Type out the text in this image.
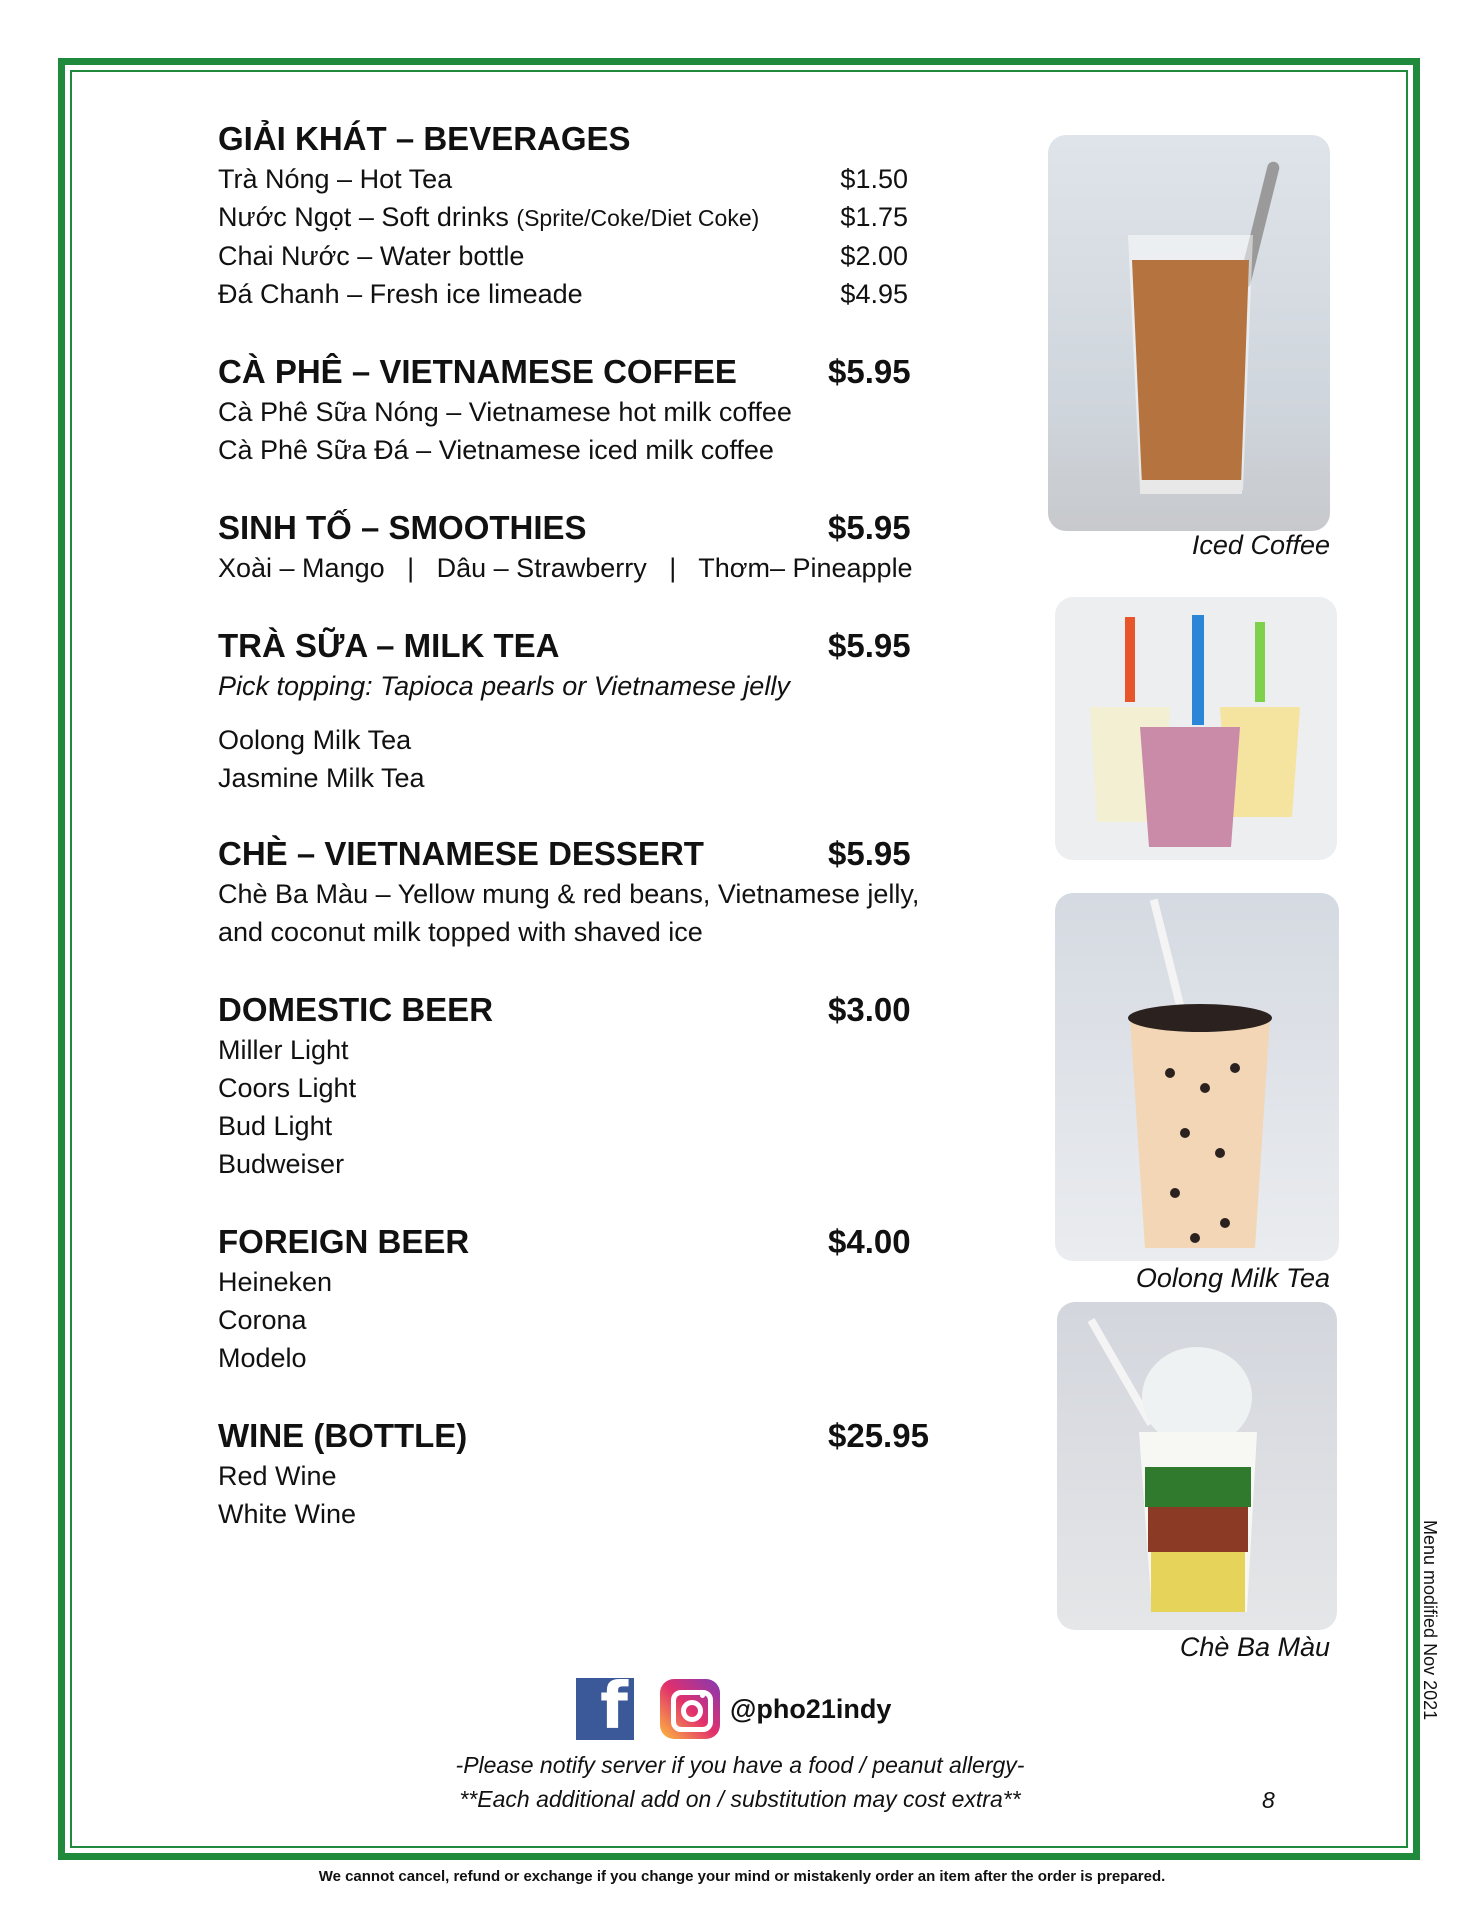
GIẢI KHÁT – BEVERAGES
Trà Nóng – Hot Tea	$1.50
Nước Ngọt – Soft drinks (Sprite/Coke/Diet Coke)	$1.75
Chai Nước – Water bottle	$2.00
Đá Chanh – Fresh ice limeade	$4.95
CÀ PHÊ – VIETNAMESE COFFEE	$5.95
Cà Phê Sữa Nóng – Vietnamese hot milk coffee
Cà Phê Sữa Đá – Vietnamese iced milk coffee
SINH TỐ – SMOOTHIES	$5.95
Xoài – Mango   |   Dâu – Strawberry   |   Thơm– Pineapple
TRÀ SỮA – MILK TEA	$5.95
Pick topping: Tapioca pearls or Vietnamese jelly
Oolong Milk Tea
Jasmine Milk Tea
CHÈ – VIETNAMESE DESSERT	$5.95
Chè Ba Màu – Yellow mung & red beans, Vietnamese jelly,
and coconut milk topped with shaved ice
DOMESTIC BEER	$3.00
Miller Light
Coors Light
Bud Light
Budweiser
FOREIGN BEER	$4.00
Heineken
Corona
Modelo
WINE (BOTTLE)	$25.95
Red Wine
White Wine
Iced Coffee
Oolong Milk Tea
Chè Ba Màu
f	@pho21indy
-Please notify server if you have a food / peanut allergy-
**Each additional add on / substitution may cost extra**	8
Menu modified Nov 2021
We cannot cancel, refund or exchange if you change your mind or mistakenly order an item after the order is prepared.
